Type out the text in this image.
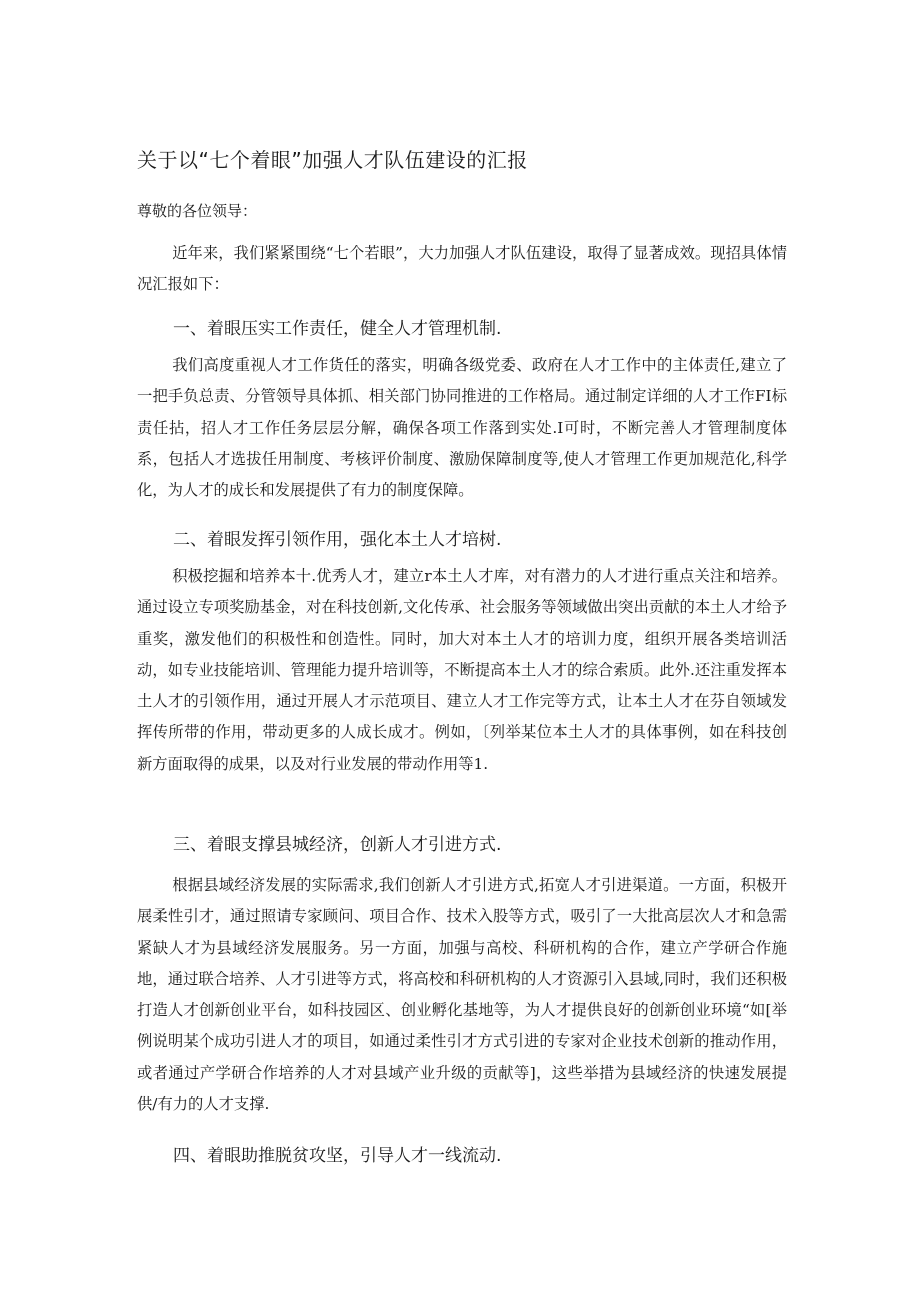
关于以“七个着眼”加强人才队伍建设的汇报
尊敬的各位领导：

近年来，我们紧紧围绕“七个若眼”，大力加强人才队伍建设，取得了显著成效。现招具体情况汇报如下：

一、着眼压实工作责任，健全人才管理机制.

我们高度重视人才工作货任的落实，明确各级党委、政府在人才工作中的主体责任,建立了一把手负总责、分管领导具体抓、相关部门协同推进的工作格局。通过制定详细的人才工作FI标责任拈，招人才工作任务层层分解，确保各项工作落到实处.I可时，不断完善人才管理制度体系，包括人才选拔任用制度、考核评价制度、激励保障制度等,使人才管理工作更加规范化,科学化，为人才的成长和发展提供了有力的制度保障。

二、着眼发挥引领作用，强化本土人才培树.

积极挖掘和培养本十.优秀人才，建立r本土人才库，对有潜力的人才进行重点关注和培养。通过设立专项奖励基金，对在科技创新,文化传承、社会服务等领域做出突出贡献的本土人才给予重奖，激发他们的积极性和创造性。同时，加大对本土人才的培训力度，组织开展各类培训活动，如专业技能培训、管理能力提升培训等，不断提高本土人才的综合索质。此外.还注重发挥本土人才的引领作用，通过开展人才示范项目、建立人才工作完等方式，让本土人才在芬自领域发挥传所带的作用，带动更多的人成长成才。例如，〔列举某位本土人才的具体事例，如在科技创新方面取得的成果，以及对行业发展的带动作用等1.

三、着眼支撑县城经济，创新人才引进方式.

根据县域经济发展的实际需求,我们创新人才引进方式,拓宽人才引进渠道。一方面，积极开展柔性引才，通过照请专家顾问、项目合作、技术入股等方式，吸引了一大批高层次人才和急需紧缺人才为县域经济发展服务。另一方面，加强与高校、科研机构的合作，建立产学研合作施地，通过联合培养、人才引进等方式，将高校和科研机构的人才资源引入县域,同时，我们还积极打造人才创新创业平台，如科技园区、创业孵化基地等，为人才提供良好的创新创业环境“如[举例说明某个成功引进人才的项目，如通过柔性引才方式引进的专家对企业技术创新的推动作用，或者通过产学研合作培养的人才对县域产业升级的贡献等]，这些举措为县域经济的快速发展提供/有力的人才支撑.

四、着眼助推脱贫攻坚，引导人才一线流动.
